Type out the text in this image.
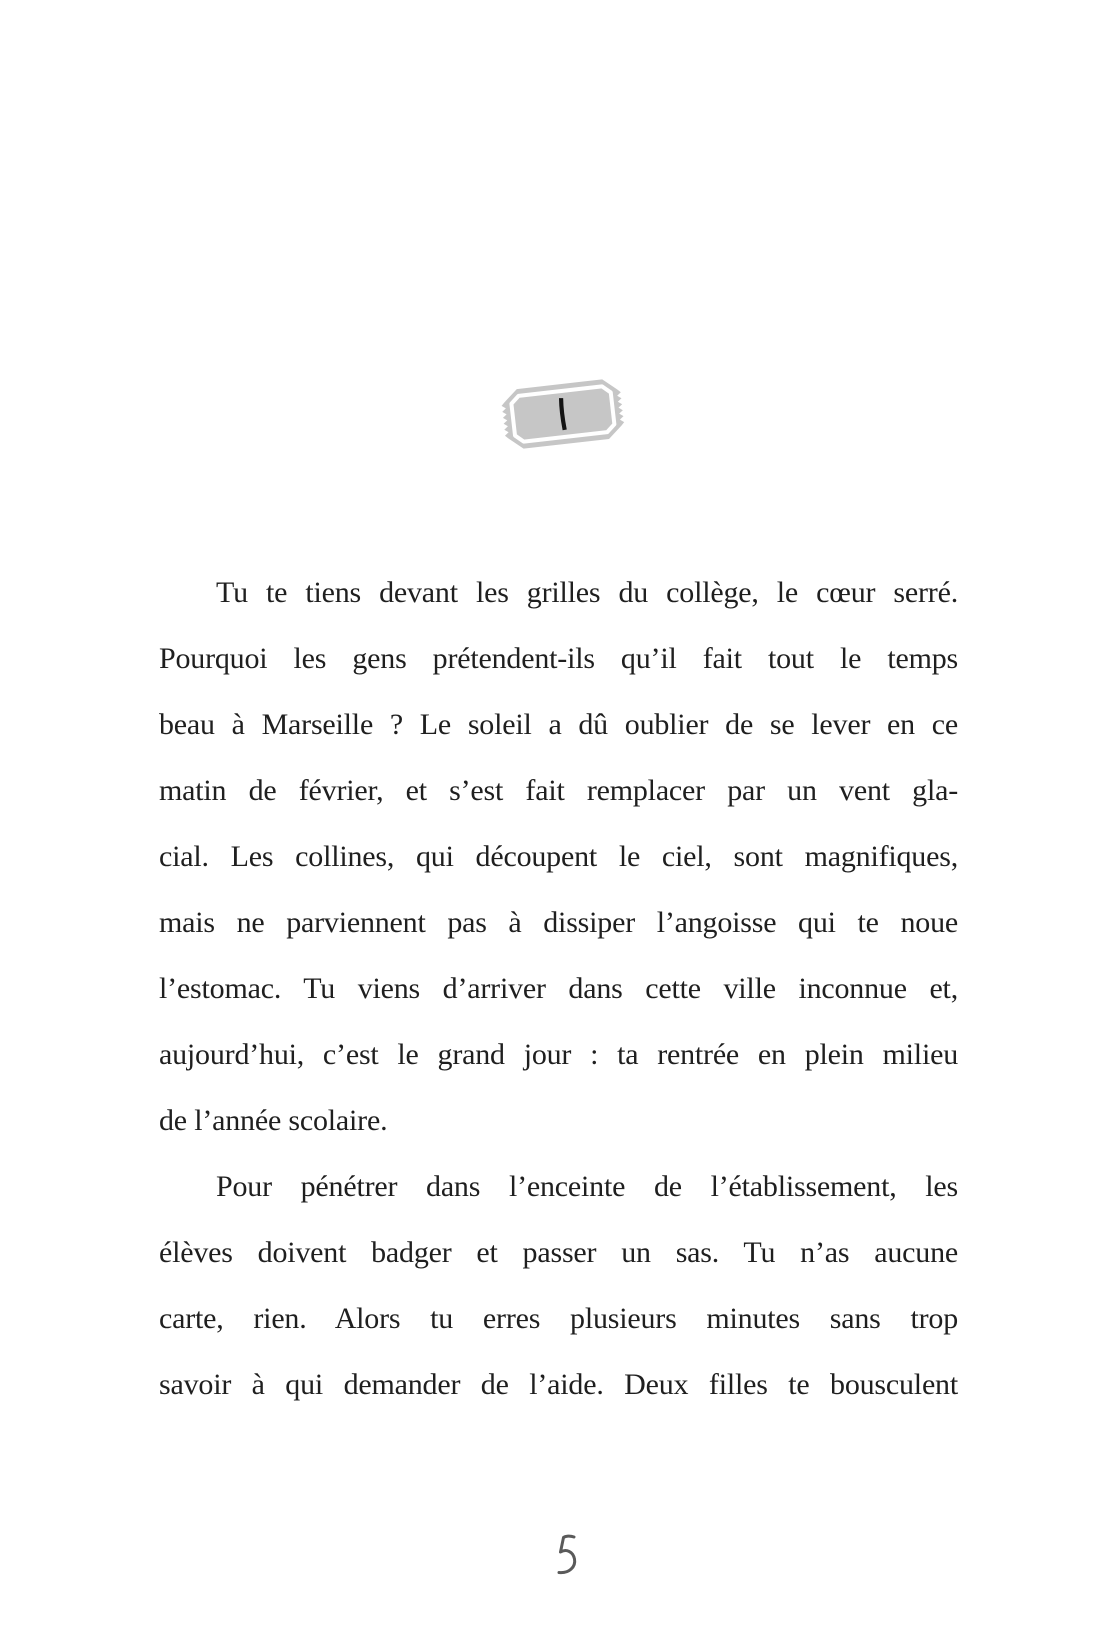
Tu te tiens devant les grilles du collège, le cœur serré.
Pourquoi les gens prétendent-ils qu’il fait tout le temps
beau à Marseille ? Le soleil a dû oublier de se lever en ce
matin de février, et s’est fait remplacer par un vent gla-
cial. Les collines, qui découpent le ciel, sont magnifiques,
mais ne parviennent pas à dissiper l’angoisse qui te noue
l’estomac. Tu viens d’arriver dans cette ville inconnue et,
aujourd’hui, c’est le grand jour : ta rentrée en plein milieu
de l’année scolaire.
Pour pénétrer dans l’enceinte de l’établissement, les
élèves doivent badger et passer un sas. Tu n’as aucune
carte, rien. Alors tu erres plusieurs minutes sans trop
savoir à qui demander de l’aide. Deux filles te bousculent
